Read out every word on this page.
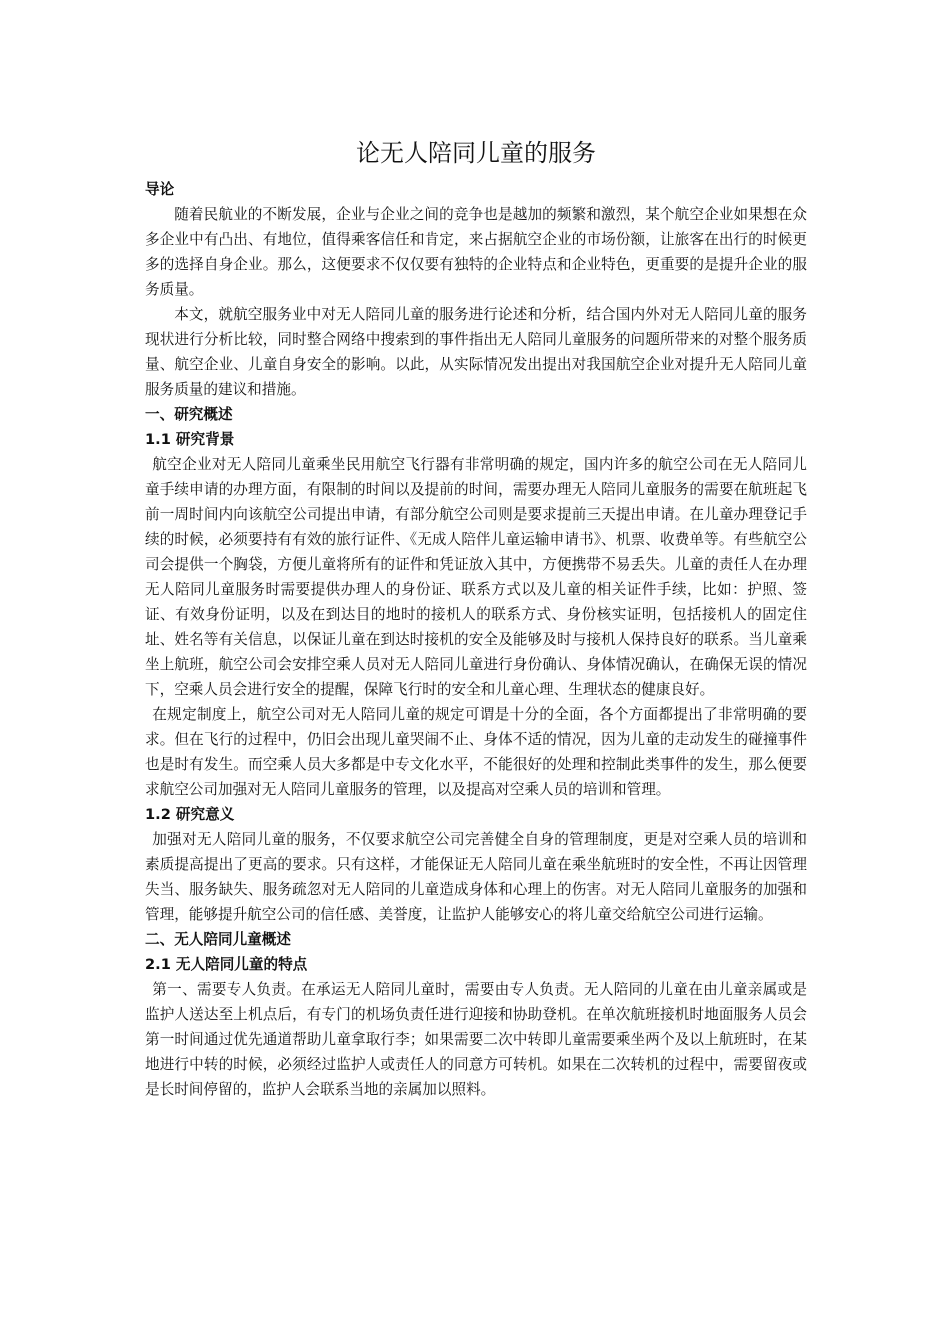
论无人陪同儿童的服务
导论

随着民航业的不断发展，企业与企业之间的竞争也是越加的频繁和激烈，某个航空企业如果想在众多企业中有凸出、有地位，值得乘客信任和肯定，来占据航空企业的市场份额，让旅客在出行的时候更多的选择自身企业。那么，这便要求不仅仅要有独特的企业特点和企业特色，更重要的是提升企业的服务质量。

本文，就航空服务业中对无人陪同儿童的服务进行论述和分析，结合国内外对无人陪同儿童的服务现状进行分析比较，同时整合网络中搜索到的事件指出无人陪同儿童服务的问题所带来的对整个服务质量、航空企业、儿童自身安全的影响。以此，从实际情况发出提出对我国航空企业对提升无人陪同儿童服务质量的建议和措施。

一、研究概述
1.1 研究背景

航空企业对无人陪同儿童乘坐民用航空飞行器有非常明确的规定，国内许多的航空公司在无人陪同儿童手续申请的办理方面，有限制的时间以及提前的时间，需要办理无人陪同儿童服务的需要在航班起飞前一周时间内向该航空公司提出申请，有部分航空公司则是要求提前三天提出申请。在儿童办理登记手续的时候，必须要持有有效的旅行证件、《无成人陪伴儿童运输申请书》、机票、收费单等。有些航空公司会提供一个胸袋，方便儿童将所有的证件和凭证放入其中，方便携带不易丢失。儿童的责任人在办理无人陪同儿童服务时需要提供办理人的身份证、联系方式以及儿童的相关证件手续，比如：护照、签证、有效身份证明，以及在到达目的地时的接机人的联系方式、身份核实证明，包括接机人的固定住址、姓名等有关信息，以保证儿童在到达时接机的安全及能够及时与接机人保持良好的联系。当儿童乘坐上航班，航空公司会安排空乘人员对无人陪同儿童进行身份确认、身体情况确认，在确保无误的情况下，空乘人员会进行安全的提醒，保障飞行时的安全和儿童心理、生理状态的健康良好。

在规定制度上，航空公司对无人陪同儿童的规定可谓是十分的全面，各个方面都提出了非常明确的要求。但在飞行的过程中，仍旧会出现儿童哭闹不止、身体不适的情况，因为儿童的走动发生的碰撞事件也是时有发生。而空乘人员大多都是中专文化水平，不能很好的处理和控制此类事件的发生，那么便要求航空公司加强对无人陪同儿童服务的管理，以及提高对空乘人员的培训和管理。

1.2 研究意义

加强对无人陪同儿童的服务，不仅要求航空公司完善健全自身的管理制度，更是对空乘人员的培训和素质提高提出了更高的要求。只有这样，才能保证无人陪同儿童在乘坐航班时的安全性，不再让因管理失当、服务缺失、服务疏忽对无人陪同的儿童造成身体和心理上的伤害。对无人陪同儿童服务的加强和管理，能够提升航空公司的信任感、美誉度，让监护人能够安心的将儿童交给航空公司进行运输。

二、无人陪同儿童概述
2.1 无人陪同儿童的特点

第一、需要专人负责。在承运无人陪同儿童时，需要由专人负责。无人陪同的儿童在由儿童亲属或是监护人送达至上机点后，有专门的机场负责任进行迎接和协助登机。在单次航班接机时地面服务人员会第一时间通过优先通道帮助儿童拿取行李；如果需要二次中转即儿童需要乘坐两个及以上航班时，在某地进行中转的时候，必须经过监护人或责任人的同意方可转机。如果在二次转机的过程中，需要留夜或是长时间停留的，监护人会联系当地的亲属加以照料。
